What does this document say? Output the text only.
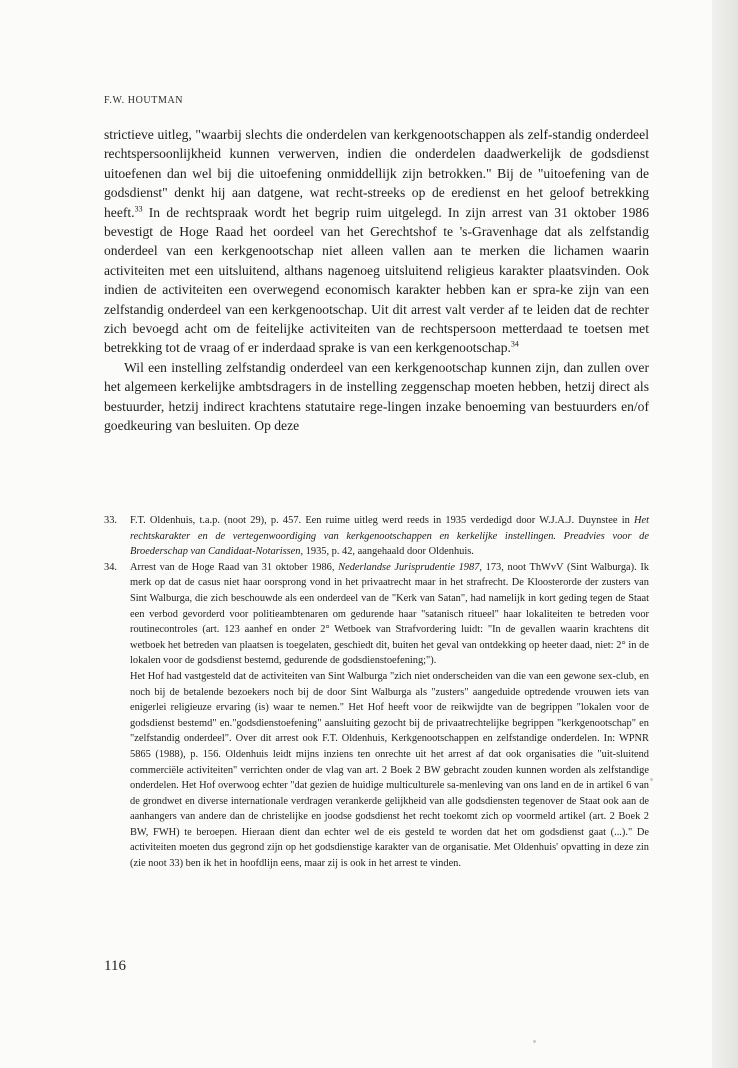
F.W. HOUTMAN

strictieve uitleg, "waarbij slechts die onderdelen van kerkgenootschappen als zelf-standig onderdeel rechtspersoonlijkheid kunnen verwerven, indien die onderdelen daadwerkelijk de godsdienst uitoefenen dan wel bij die uitoefening onmiddellijk zijn betrokken." Bij de "uitoefening van de godsdienst" denkt hij aan datgene, wat recht-streeks op de eredienst en het geloof betrekking heeft.$^{33}$ In de rechtspraak wordt het begrip ruim uitgelegd. In zijn arrest van 31 oktober 1986 bevestigt de Hoge Raad het oordeel van het Gerechtshof te 's-Gravenhage dat als zelfstandig onderdeel van een kerkgenootschap niet alleen vallen aan te merken die lichamen waarin activiteiten met een uitsluitend, althans nagenoeg uitsluitend religieus karakter plaatsvinden. Ook indien de activiteiten een overwegend economisch karakter hebben kan er spra-ke zijn van een zelfstandig onderdeel van een kerkgenootschap. Uit dit arrest valt verder af te leiden dat de rechter zich bevoegd acht om de feitelijke activiteiten van de rechtspersoon metterdaad te toetsen met betrekking tot de vraag of er inderdaad sprake is van een kerkgenootschap.$^{34}$

Wil een instelling zelfstandig onderdeel van een kerkgenootschap kunnen zijn, dan zullen over het algemeen kerkelijke ambtsdragers in de instelling zeggenschap moeten hebben, hetzij direct als bestuurder, hetzij indirect krachtens statutaire rege-lingen inzake benoeming van bestuurders en/of goedkeuring van besluiten. Op deze

33.	F.T. Oldenhuis, t.a.p. (noot 29), p. 457. Een ruime uitleg werd reeds in 1935 verdedigd door W.J.A.J. Duynstee in Het rechtskarakter en de vertegenwoordiging van kerkgenootschappen en kerkelijke instellingen. Preadvies voor de Broederschap van Candidaat-Notarissen, 1935, p. 42, aangehaald door Oldenhuis.
34.	Arrest van de Hoge Raad van 31 oktober 1986, Nederlandse Jurisprudentie 1987, 173, noot ThWvV (Sint Walburga). Ik merk op dat de casus niet haar oorsprong vond in het privaatrecht maar in het strafrecht. De Kloosterorde der zusters van Sint Walburga, die zich beschouwde als een onderdeel van de "Kerk van Satan", had namelijk in kort geding tegen de Staat een verbod gevorderd voor politieambtenaren om gedurende haar "satanisch ritueel" haar lokaliteiten te betreden voor routinecontroles (art. 123 aanhef en onder 2° Wetboek van Strafvordering luidt: "In de gevallen waarin krachtens dit wetboek het betreden van plaatsen is toegelaten, geschiedt dit, buiten het geval van ontdekking op heeter daad, niet: 2° in de lokalen voor de godsdienst bestemd, gedurende de godsdienstoefening;").

Het Hof had vastgesteld dat de activiteiten van Sint Walburga "zich niet onderscheiden van die van een gewone sex-club, en noch bij de betalende bezoekers noch bij de door Sint Walburga als "zusters" aangeduide optredende vrouwen iets van enigerlei religieuze ervaring (is) waar te nemen." Het Hof heeft voor de reikwijdte van de begrippen "lokalen voor de godsdienst bestemd" en."godsdienstoefening" aansluiting gezocht bij de privaatrechtelijke begrippen "kerkgenootschap" en "zelfstandig onderdeel". Over dit arrest ook F.T. Oldenhuis, Kerkgenootschappen en zelfstandige onderdelen. In: WPNR 5865 (1988), p. 156. Oldenhuis leidt mijns inziens ten onrechte uit het arrest af dat ook organisaties die "uit-sluitend commerciële activiteiten" verrichten onder de vlag van art. 2 Boek 2 BW gebracht zouden kunnen worden als zelfstandige onderdelen. Het Hof overwoog echter "dat gezien de huidige multiculturele sa-menleving van ons land en de in artikel 6 van de grondwet en diverse internationale verdragen verankerde gelijkheid van alle godsdiensten tegenover de Staat ook aan de aanhangers van andere dan de christelijke en joodse godsdienst het recht toekomt zich op voormeld artikel (art. 2 Boek 2 BW, FWH) te beroepen. Hieraan dient dan echter wel de eis gesteld te worden dat het om godsdienst gaat (...)." De activiteiten moeten dus gegrond zijn op het godsdienstige karakter van de organisatie. Met Oldenhuis' opvatting in deze zin (zie noot 33) ben ik het in hoofdlijn eens, maar zij is ook in het arrest te vinden.

116
